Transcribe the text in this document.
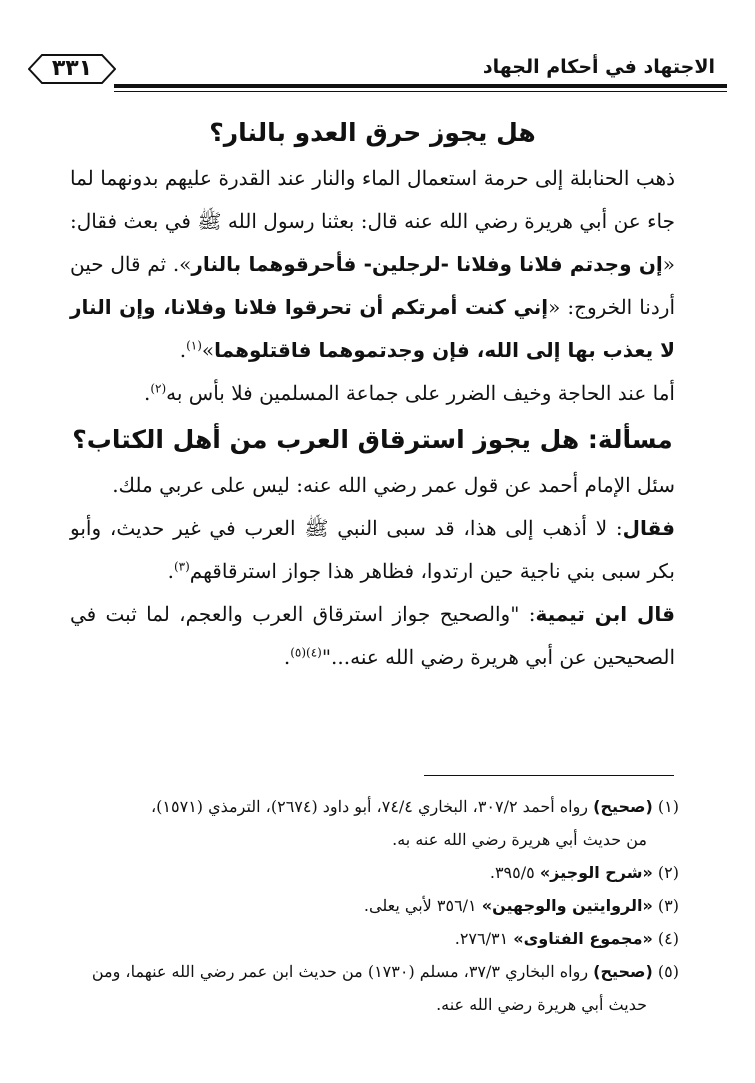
٣٣١	الاجتهاد في أحكام الجهاد
هل يجوز حرق العدو بالنار؟

ذهب الحنابلة إلى حرمة استعمال الماء والنار عند القدرة عليهم بدونهما لما جاء عن أبي هريرة رضي الله عنه قال: بعثنا رسول الله ﷺ في بعث فقال: «إن وجدتم فلانا وفلانا -لرجلين- فأحرقوهما بالنار». ثم قال حين أردنا الخروج: «إني كنت أمرتكم أن تحرقوا فلانا وفلانا، وإن النار لا يعذب بها إلى الله، فإن وجدتموهما فاقتلوهما»$^{(١)}$.

أما عند الحاجة وخيف الضرر على جماعة المسلمين فلا بأس به$^{(٢)}$.

مسألة: هل يجوز استرقاق العرب من أهل الكتاب؟

سئل الإمام أحمد عن قول عمر رضي الله عنه: ليس على عربي ملك.

فقال: لا أذهب إلى هذا، قد سبى النبي ﷺ العرب في غير حديث، وأبو بكر سبى بني ناجية حين ارتدوا، فظاهر هذا جواز استرقاقهم$^{(٣)}$.

قال ابن تيمية: "والصحيح جواز استرقاق العرب والعجم، لما ثبت في الصحيحين عن أبي هريرة رضي الله عنه..."$^{(٤)(٥)}$.

(١) (صحيح) رواه أحمد ٣٠٧/٢، البخاري ٧٤/٤، أبو داود (٢٦٧٤)، الترمذي (١٥٧١)،
من حديث أبي هريرة رضي الله عنه به.

(٢) «شرح الوجيز» ٣٩٥/٥.

(٣) «الروايتين والوجهين» ٣٥٦/١ لأبي يعلى.

(٤) «مجموع الفتاوى» ٢٧٦/٣١.

(٥) (صحيح) رواه البخاري ٣٧/٣، مسلم (١٧٣٠) من حديث ابن عمر رضي الله عنهما، ومن
حديث أبي هريرة رضي الله عنه.
